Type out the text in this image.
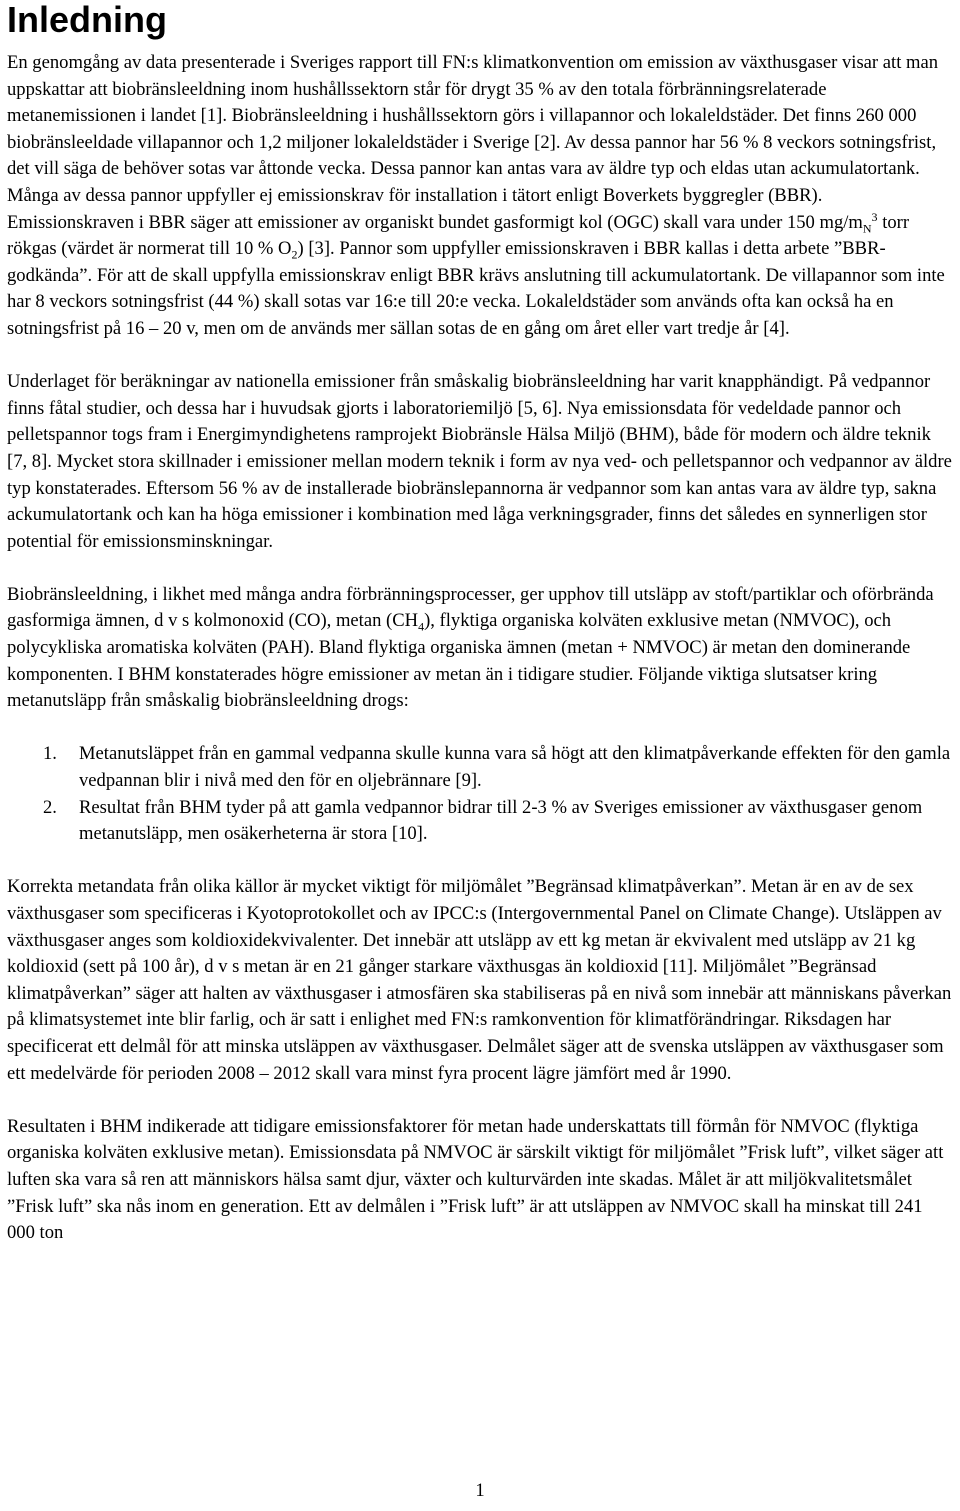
Inledning

En genomgång av data presenterade i Sveriges rapport till FN:s klimatkonvention om emission av växthusgaser visar att man uppskattar att biobränsleeldning inom hushållssektorn står för drygt 35 % av den totala förbränningsrelaterade metanemissionen i landet [1]. Biobränsleeldning i hushållssektorn görs i villapannor och lokaleldstäder. Det finns 260 000 biobränsleeldade villapannor och 1,2 miljoner lokaleldstäder i Sverige [2]. Av dessa pannor har 56 % 8 veckors sotningsfrist, det vill säga de behöver sotas var åttonde vecka. Dessa pannor kan antas vara av äldre typ och eldas utan ackumulatortank. Många av dessa pannor uppfyller ej emissionskrav för installation i tätort enligt Boverkets byggregler (BBR). Emissionskraven i BBR säger att emissioner av organiskt bundet gasformigt kol (OGC) skall vara under 150 $mg/m_N^3$ torr rökgas (värdet är normerat till 10 % $O_2$) [3]. Pannor som uppfyller emissionskraven i BBR kallas i detta arbete ”BBR-godkända”. För att de skall uppfylla emissionskrav enligt BBR krävs anslutning till ackumulatortank. De villapannor som inte har 8 veckors sotningsfrist (44 %) skall sotas var 16:e till 20:e vecka. Lokaleldstäder som används ofta kan också ha en sotningsfrist på 16 – 20 v, men om de används mer sällan sotas de en gång om året eller vart tredje år [4].

Underlaget för beräkningar av nationella emissioner från småskalig biobränsleeldning har varit knapphändigt. På vedpannor finns fåtal studier, och dessa har i huvudsak gjorts i laboratoriemiljö [5, 6]. Nya emissionsdata för vedeldade pannor och pelletspannor togs fram i Energimyndighetens ramprojekt Biobränsle Hälsa Miljö (BHM), både för modern och äldre teknik [7, 8]. Mycket stora skillnader i emissioner mellan modern teknik i form av nya ved- och pelletspannor och vedpannor av äldre typ konstaterades. Eftersom 56 % av de installerade biobränslepannorna är vedpannor som kan antas vara av äldre typ, sakna ackumulatortank och kan ha höga emissioner i kombination med låga verkningsgrader, finns det således en synnerligen stor potential för emissionsminskningar.

Biobränsleeldning, i likhet med många andra förbränningsprocesser, ger upphov till utsläpp av stoft/partiklar och oförbrända gasformiga ämnen, d v s kolmonoxid (CO), metan $(CH_4)$, flyktiga organiska kolväten exklusive metan (NMVOC), och polycykliska aromatiska kolväten (PAH). Bland flyktiga organiska ämnen (metan + NMVOC) är metan den dominerande komponenten. I BHM konstaterades högre emissioner av metan än i tidigare studier. Följande viktiga slutsatser kring metanutsläpp från småskalig biobränsleeldning drogs:

1. Metanutsläppet från en gammal vedpanna skulle kunna vara så högt att den klimatpåverkande effekten för den gamla vedpannan blir i nivå med den för en oljebrännare [9].
2. Resultat från BHM tyder på att gamla vedpannor bidrar till 2-3 % av Sveriges emissioner av växthusgaser genom metanutsläpp, men osäkerheterna är stora [10].

Korrekta metandata från olika källor är mycket viktigt för miljömålet ”Begränsad klimatpåverkan”. Metan är en av de sex växthusgaser som specificeras i Kyotoprotokollet och av IPCC:s (Intergovernmental Panel on Climate Change). Utsläppen av växthusgaser anges som koldioxidekvivalenter. Det innebär att utsläpp av ett kg metan är ekvivalent med utsläpp av 21 kg koldioxid (sett på 100 år), d v s metan är en 21 gånger starkare växthusgas än koldioxid [11]. Miljömålet ”Begränsad klimatpåverkan” säger att halten av växthusgaser i atmosfären ska stabiliseras på en nivå som innebär att människans påverkan på klimatsystemet inte blir farlig, och är satt i enlighet med FN:s ramkonvention för klimatförändringar. Riksdagen har specificerat ett delmål för att minska utsläppen av växthusgaser. Delmålet säger att de svenska utsläppen av växthusgaser som ett medelvärde för perioden 2008 – 2012 skall vara minst fyra procent lägre jämfört med år 1990.

Resultaten i BHM indikerade att tidigare emissionsfaktorer för metan hade underskattats till förmån för NMVOC (flyktiga organiska kolväten exklusive metan). Emissionsdata på NMVOC är särskilt viktigt för miljömålet ”Frisk luft”, vilket säger att luften ska vara så ren att människors hälsa samt djur, växter och kulturvärden inte skadas. Målet är att miljökvalitetsmålet ”Frisk luft” ska nås inom en generation. Ett av delmålen i ”Frisk luft” är att utsläppen av NMVOC skall ha minskat till 241 000 ton

1
